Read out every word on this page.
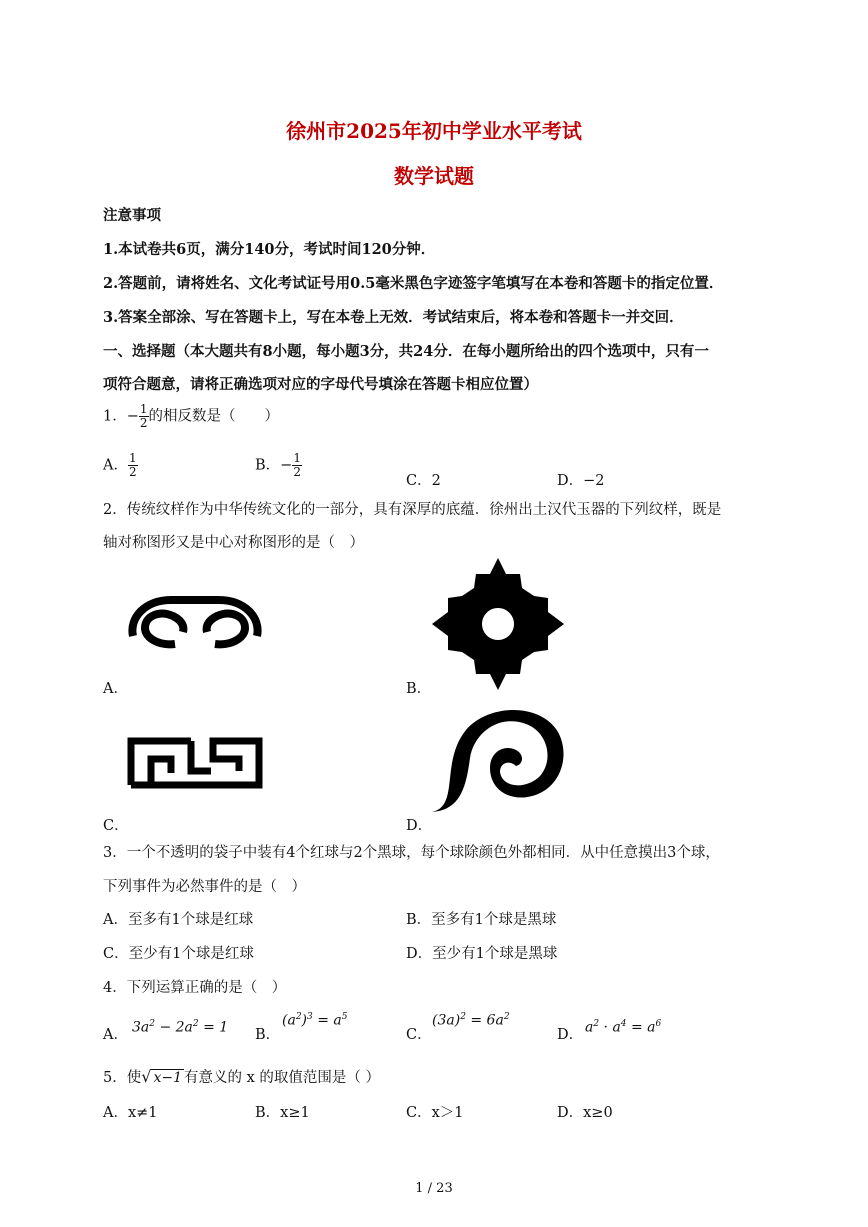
徐州市2025年初中学业水平考试
数学试题
注意事项
1.本试卷共6页，满分140分，考试时间120分钟．
2.答题前，请将姓名、文化考试证号用0.5毫米黑色字迹签字笔填写在本卷和答题卡的指定位置．
3.答案全部涂、写在答题卡上，写在本卷上无效．考试结束后，将本卷和答题卡一并交回．
一、选择题（本大题共有8小题，每小题3分，共24分．在每小题所给出的四个选项中，只有一
项符合题意，请将正确选项对应的字母代号填涂在答题卡相应位置）
1．− $\frac{1}{2}$ 的相反数是（　　）
A． $\frac{1}{2}$	B．− $\frac{1}{2}$
C．2	D．−2
2．传统纹样作为中华传统文化的一部分，具有深厚的底蕴．徐州出土汉代玉器的下列纹样，既是
轴对称图形又是中心对称图形的是（　）
A．	B．
C．	D．
3．一个不透明的袋子中装有4个红球与2个黑球，每个球除颜色外都相同．从中任意摸出3个球，
下列事件为必然事件的是（　）
A．至多有1个球是红球	B．至多有1个球是黑球
C．至少有1个球是红球	D．至少有1个球是黑球
4．下列运算正确的是（　）
A． $3a^2 - 2a^2 = 1$ B．
$(a^2)^3 = a^5$
C．
$(3a)^2 = 6a^2$
D． $a^2 \cdot a^4 = a^6$
5．使√ x−1 有意义的 x 的取值范围是（ ）
A．x≠1	B．x≥1	C．x＞1	D．x≥0
1 / 23
